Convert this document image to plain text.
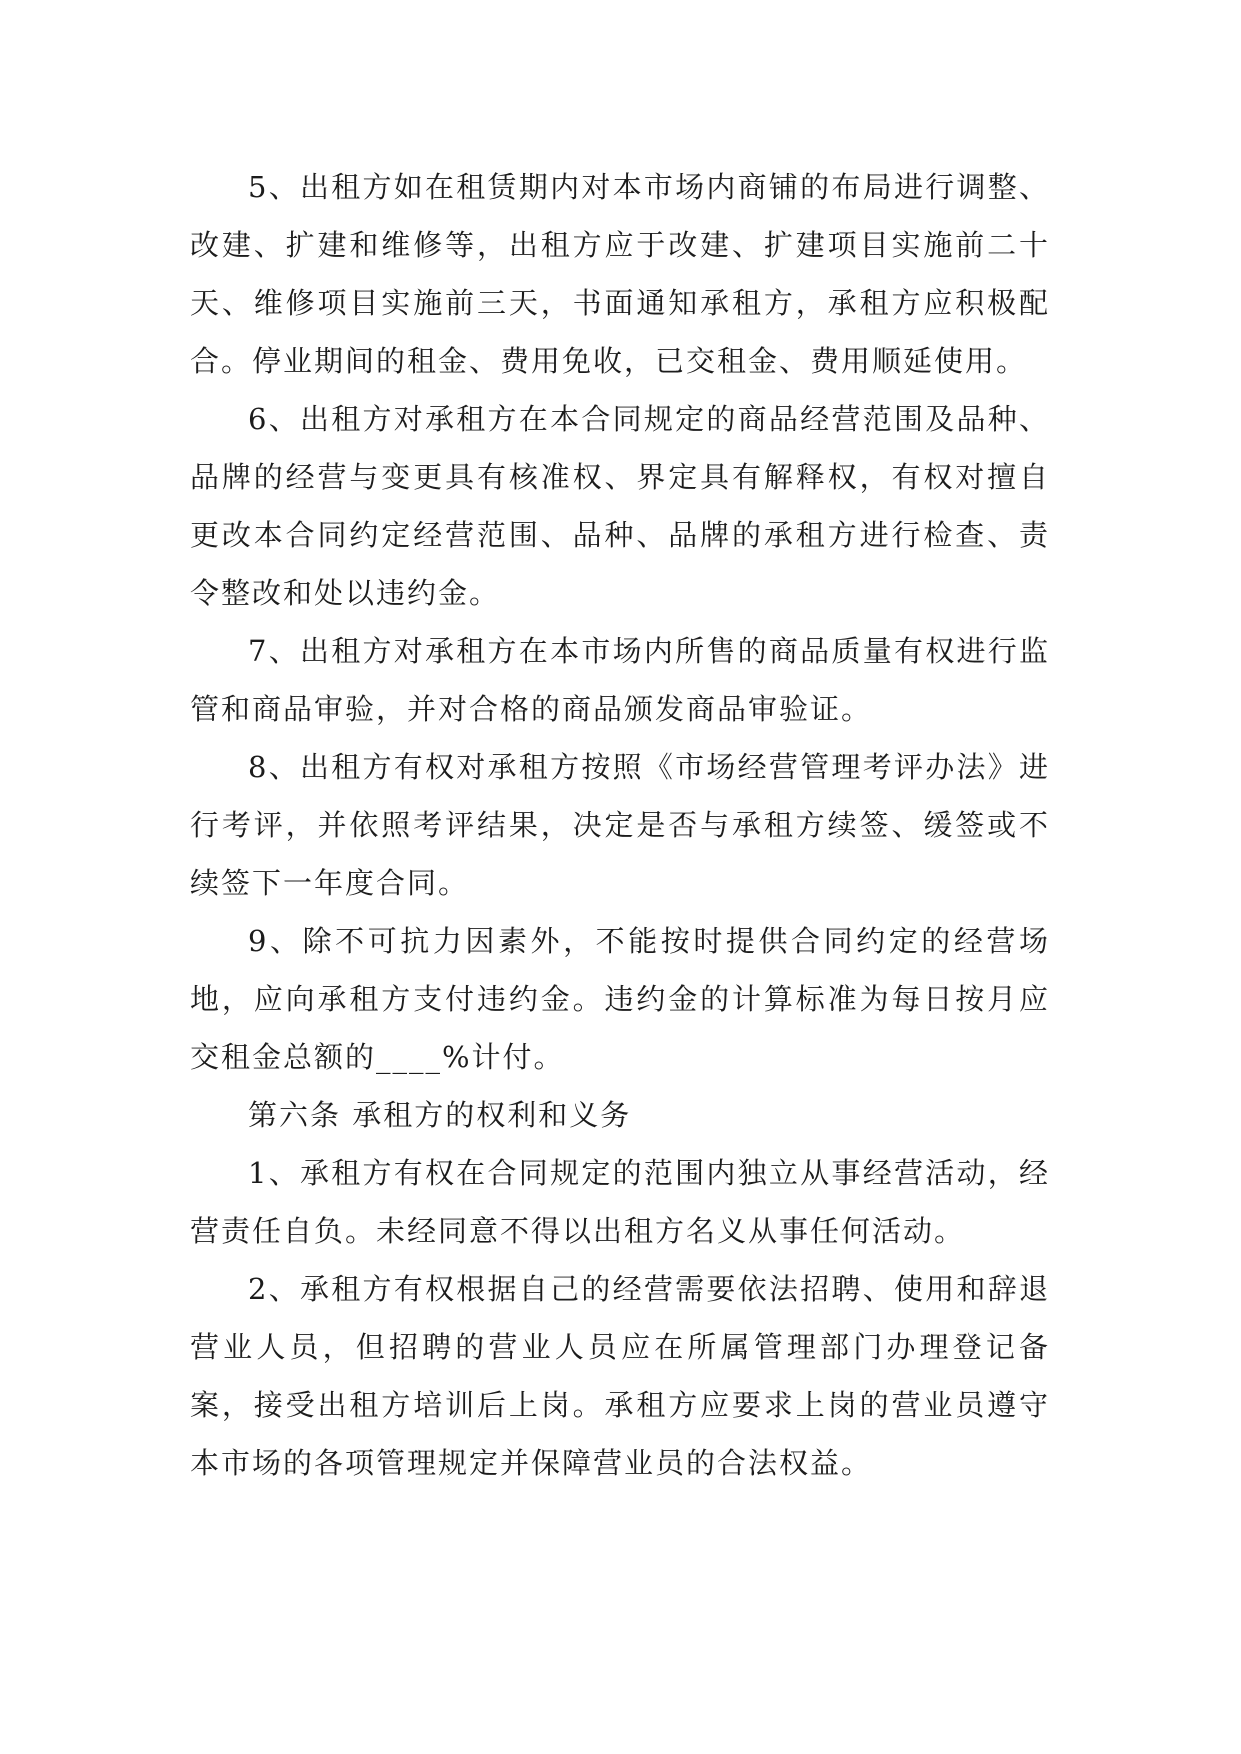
5、出租方如在租赁期内对本市场内商铺的布局进行调整、改建、扩建和维修等，出租方应于改建、扩建项目实施前二十天、维修项目实施前三天，书面通知承租方，承租方应积极配合。停业期间的租金、费用免收，已交租金、费用顺延使用。

6、出租方对承租方在本合同规定的商品经营范围及品种、品牌的经营与变更具有核准权、界定具有解释权，有权对擅自更改本合同约定经营范围、品种、品牌的承租方进行检查、责令整改和处以违约金。

7、出租方对承租方在本市场内所售的商品质量有权进行监管和商品审验，并对合格的商品颁发商品审验证。

8、出租方有权对承租方按照《市场经营管理考评办法》进行考评，并依照考评结果，决定是否与承租方续签、缓签或不续签下一年度合同。

9、除不可抗力因素外，不能按时提供合同约定的经营场地，应向承租方支付违约金。违约金的计算标准为每日按月应交租金总额的____%计付。

第六条 承租方的权利和义务

1、承租方有权在合同规定的范围内独立从事经营活动，经营责任自负。未经同意不得以出租方名义从事任何活动。

2、承租方有权根据自己的经营需要依法招聘、使用和辞退营业人员，但招聘的营业人员应在所属管理部门办理登记备案，接受出租方培训后上岗。承租方应要求上岗的营业员遵守本市场的各项管理规定并保障营业员的合法权益。
